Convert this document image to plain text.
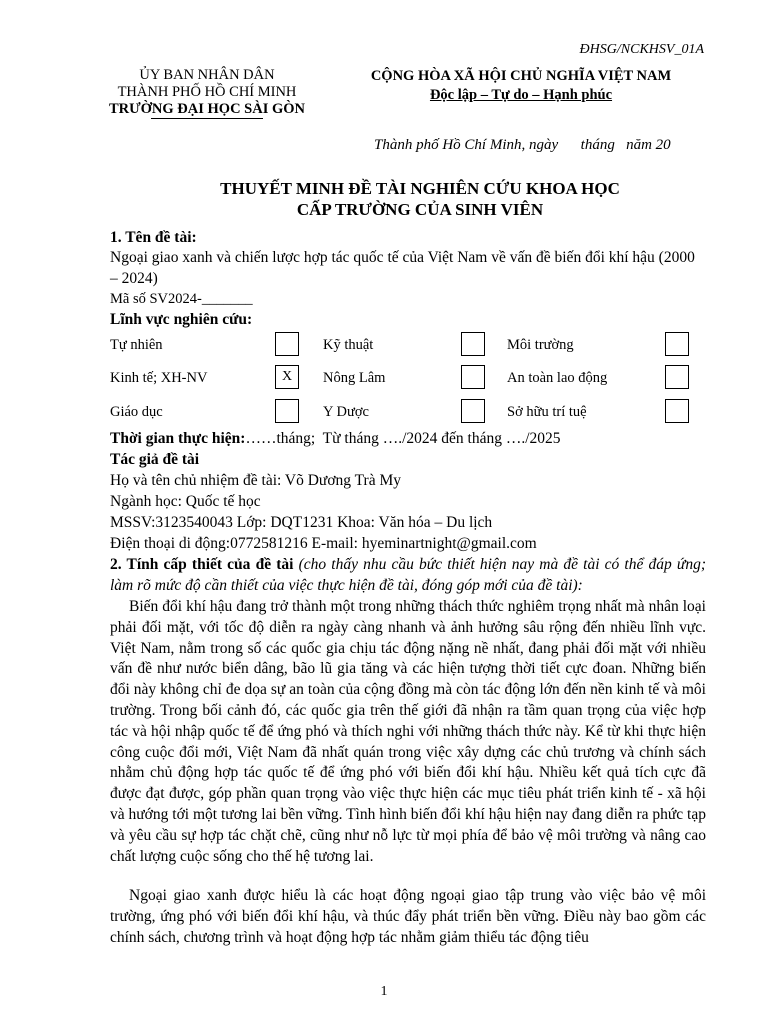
ĐHSG/NCKHSV_01A
ỦY BAN NHÂN DÂN
THÀNH PHỐ HỒ CHÍ MINH
TRƯỜNG ĐẠI HỌC SÀI GÒN
CỘNG HÒA XÃ HỘI CHỦ NGHĨA VIỆT NAM
Độc lập – Tự do – Hạnh phúc
Thành phố Hồ Chí Minh, ngày      tháng   năm 20
THUYẾT MINH ĐỀ TÀI NGHIÊN CỨU KHOA HỌC
CẤP TRƯỜNG CỦA SINH VIÊN
1. Tên đề tài:
Ngoại giao xanh và chiến lược hợp tác quốc tế của Việt Nam về vấn đề biến đổi khí hậu (2000 – 2024)
Mã số SV2024-_______
Lĩnh vực nghiên cứu:
Tự nhiên	Kỹ thuật	Môi trường
Kinh tế; XH-NV	X	Nông Lâm	An toàn lao động
Giáo dục	Y Dược	Sở hữu trí tuệ
Thời gian thực hiện:……tháng;  Từ tháng …./2024 đến tháng …./2025
Tác giả đề tài
Họ và tên chủ nhiệm đề tài: Võ Dương Trà My
Ngành học: Quốc tế học
MSSV:3123540043 Lớp: DQT1231 Khoa: Văn hóa – Du lịch
Điện thoại di động:0772581216 E-mail: hyeminartnight@gmail.com
2. Tính cấp thiết của đề tài (cho thấy nhu cầu bức thiết hiện nay mà đề tài có thể đáp ứng; làm rõ mức độ cần thiết của việc thực hiện đề tài, đóng góp mới của đề tài):
Biến đổi khí hậu đang trở thành một trong những thách thức nghiêm trọng nhất mà nhân loại phải đối mặt, với tốc độ diễn ra ngày càng nhanh và ảnh hưởng sâu rộng đến nhiều lĩnh vực. Việt Nam, nằm trong số các quốc gia chịu tác động nặng nề nhất, đang phải đối mặt với nhiều vấn đề như nước biển dâng, bão lũ gia tăng và các hiện tượng thời tiết cực đoan. Những biến đổi này không chỉ đe dọa sự an toàn của cộng đồng mà còn tác động lớn đến nền kinh tế và môi trường. Trong bối cảnh đó, các quốc gia trên thế giới đã nhận ra tầm quan trọng của việc hợp tác và hội nhập quốc tế để ứng phó và thích nghi với những thách thức này. Kể từ khi thực hiện công cuộc đổi mới, Việt Nam đã nhất quán trong việc xây dựng các chủ trương và chính sách nhằm chủ động hợp tác quốc tế để ứng phó với biến đổi khí hậu. Nhiều kết quả tích cực đã được đạt được, góp phần quan trọng vào việc thực hiện các mục tiêu phát triển kinh tế - xã hội và hướng tới một tương lai bền vững. Tình hình biến đổi khí hậu hiện nay đang diễn ra phức tạp và yêu cầu sự hợp tác chặt chẽ, cũng như nỗ lực từ mọi phía để bảo vệ môi trường và nâng cao chất lượng cuộc sống cho thế hệ tương lai.
Ngoại giao xanh được hiểu là các hoạt động ngoại giao tập trung vào việc bảo vệ môi trường, ứng phó với biến đổi khí hậu, và thúc đẩy phát triển bền vững. Điều này bao gồm các chính sách, chương trình và hoạt động hợp tác nhằm giảm thiểu tác động tiêu
1
